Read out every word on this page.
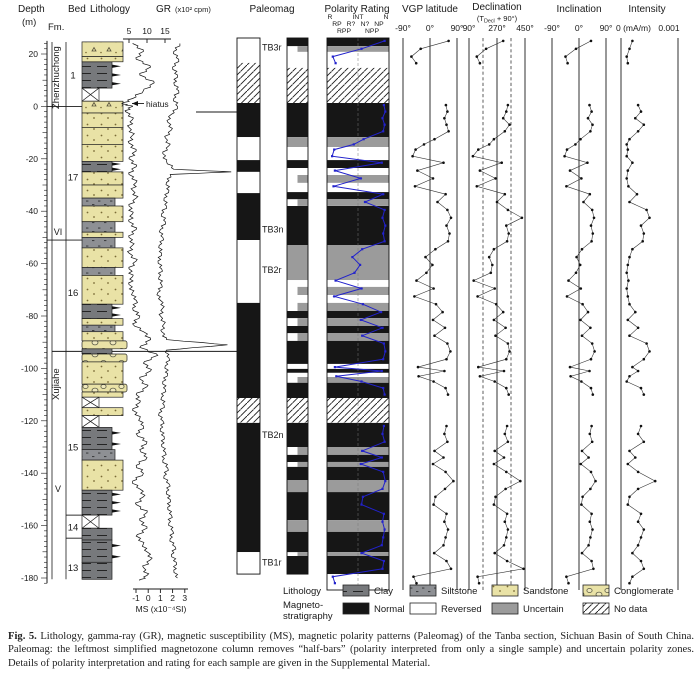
Depth
(m)
20
0
-20
-40
-60
-80
-100
-120
-140
-160
-180
Fm.
Bed Lithology
Zhenzhuchong
Xujiahe
VI
V
1
17
16
15
14
13
GR (x10² cpm)
5 10 15
-1 0 1 2 3
MS (x10⁻⁴SI)
hiatus
Paleomag
TB3r
TB3n
TB2r
TB2n
TB1r
Polarity Rating
R	INT	N
RP R? N? NP
RPP NPP
VGP latitude
-90° 0° 90°
Declination
$(T_{Decl} + 90^\circ)$
90° 270° 450°
Inclination
-90° 0° 90°
Intensity
0 (mA/m) 0.001
Lithology	Clay	Siltstone	Sandstone	Conglomerate
Magneto-
stratigraphy
Normal	Reversed	Uncertain	No data
Fig. 5. Lithology, gamma-ray (GR), magnetic susceptibility (MS), magnetic polarity patterns (Paleomag) of the Tanba section, Sichuan Basin of South China. Paleomag: the leftmost simplified magnetozone column removes “half-bars” (polarity interpreted from only a single sample) and uncertain polarity zones. Details of polarity interpretation and rating for each sample are given in the Supplemental Material.
